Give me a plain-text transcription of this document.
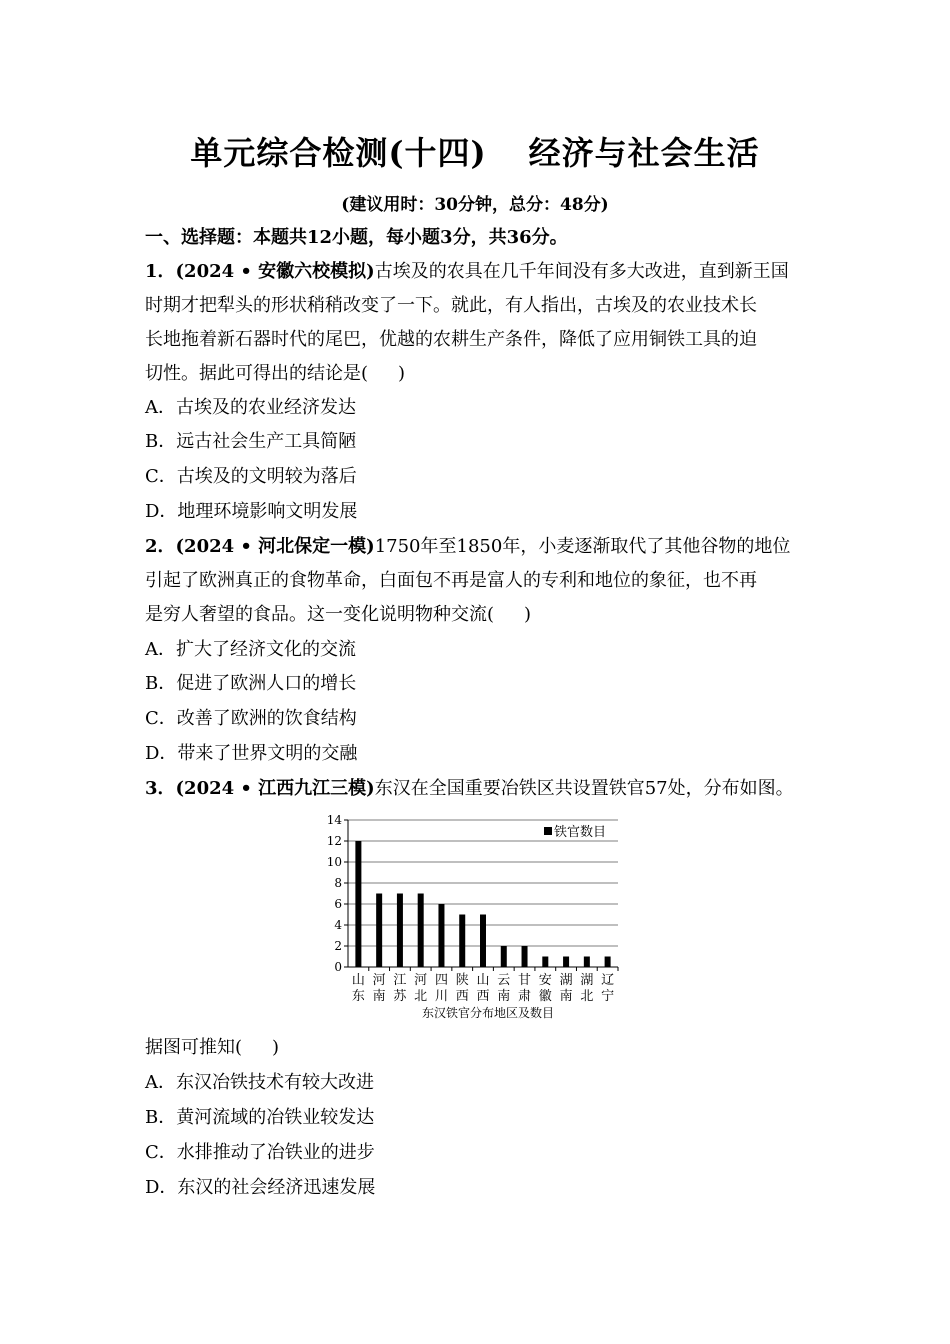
单元综合检测(十四) 经济与社会生活
(建议用时：30分钟，总分：48分)
一、选择题：本题共12小题，每小题3分，共36分。
1．(2024 • 安徽六校模拟)古埃及的农具在几千年间没有多大改进，直到新王国
时期才把犁头的形状稍稍改变了一下。就此，有人指出，古埃及的农业技术长
长地拖着新石器时代的尾巴，优越的农耕生产条件，降低了应用铜铁工具的迫
切性。据此可得出的结论是( )
A．古埃及的农业经济发达
B．远古社会生产工具简陋
C．古埃及的文明较为落后
D．地理环境影响文明发展
2．(2024 • 河北保定一模)1750年至1850年，小麦逐渐取代了其他谷物的地位
引起了欧洲真正的食物革命，白面包不再是富人的专利和地位的象征，也不再
是穷人奢望的食品。这一变化说明物种交流( )
A．扩大了经济文化的交流
B．促进了欧洲人口的增长
C．改善了欧洲的饮食结构
D．带来了世界文明的交融
3．(2024 • 江西九江三模)东汉在全国重要冶铁区共设置铁官57处，分布如图。
0
2
4
6
8
10
12
14
山
东
河
南
江
苏
河
北
四
川
陕
西
山
西
云
南
甘
肃
安
徽
湖
南
湖
北
辽
宁
铁官数目
东汉铁官分布地区及数目
据图可推知( )
A．东汉冶铁技术有较大改进
B．黄河流域的冶铁业较发达
C．水排推动了冶铁业的进步
D．东汉的社会经济迅速发展
